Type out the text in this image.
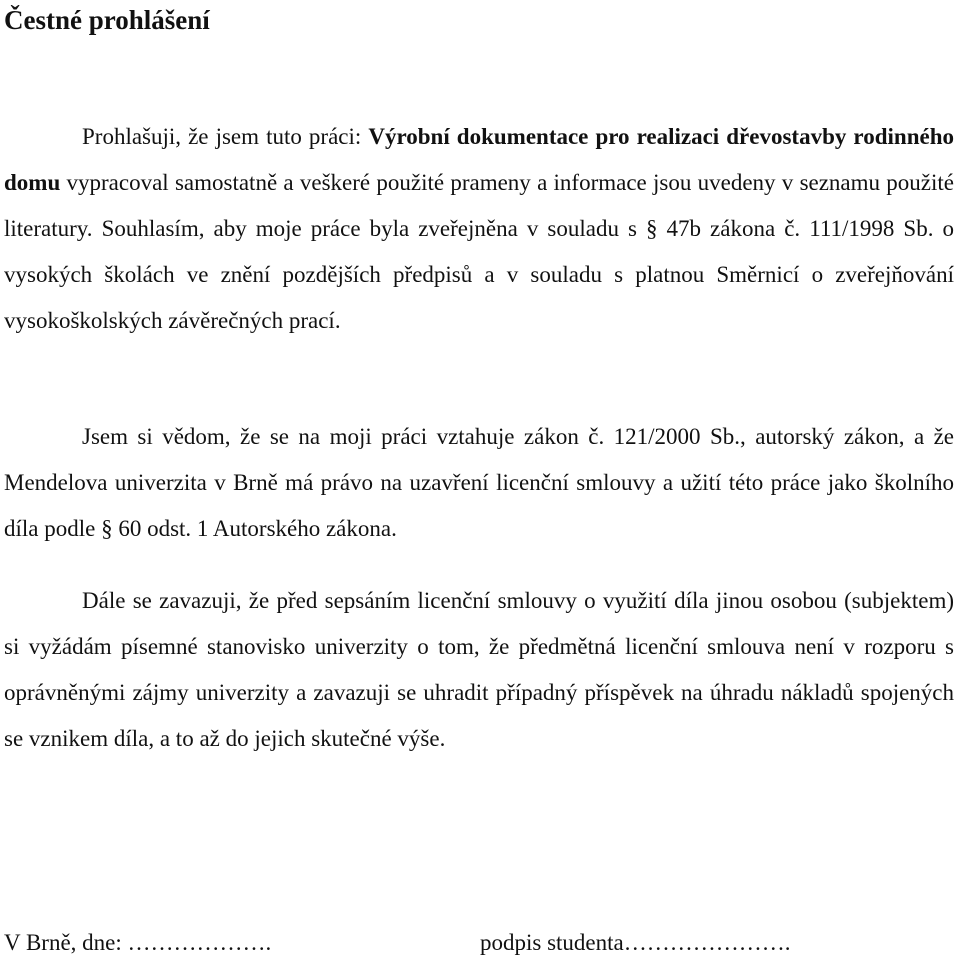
Čestné prohlášení

Prohlašuji, že jsem tuto práci: Výrobní dokumentace pro realizaci dřevostavby rodinného domu vypracoval samostatně a veškeré použité prameny a informace jsou uvedeny v seznamu použité literatury. Souhlasím, aby moje práce byla zveřejněna v souladu s § 47b zákona č. 111/1998 Sb. o vysokých školách ve znění pozdějších předpisů a v souladu s platnou Směrnicí o zveřejňování vysokoškolských závěrečných prací.

Jsem si vědom, že se na moji práci vztahuje zákon č. 121/2000 Sb., autorský zákon, a že Mendelova univerzita v Brně má právo na uzavření licenční smlouvy a užití této práce jako školního díla podle § 60 odst. 1 Autorského zákona.

Dále se zavazuji, že před sepsáním licenční smlouvy o využití díla jinou osobou (subjektem) si vyžádám písemné stanovisko univerzity o tom, že předmětná licenční smlouva není v rozporu s oprávněnými zájmy univerzity a zavazuji se uhradit případný příspěvek na úhradu nákladů spojených se vznikem díla, a to až do jejich skutečné výše.

V Brně, dne: ……………….	podpis studenta………………….
